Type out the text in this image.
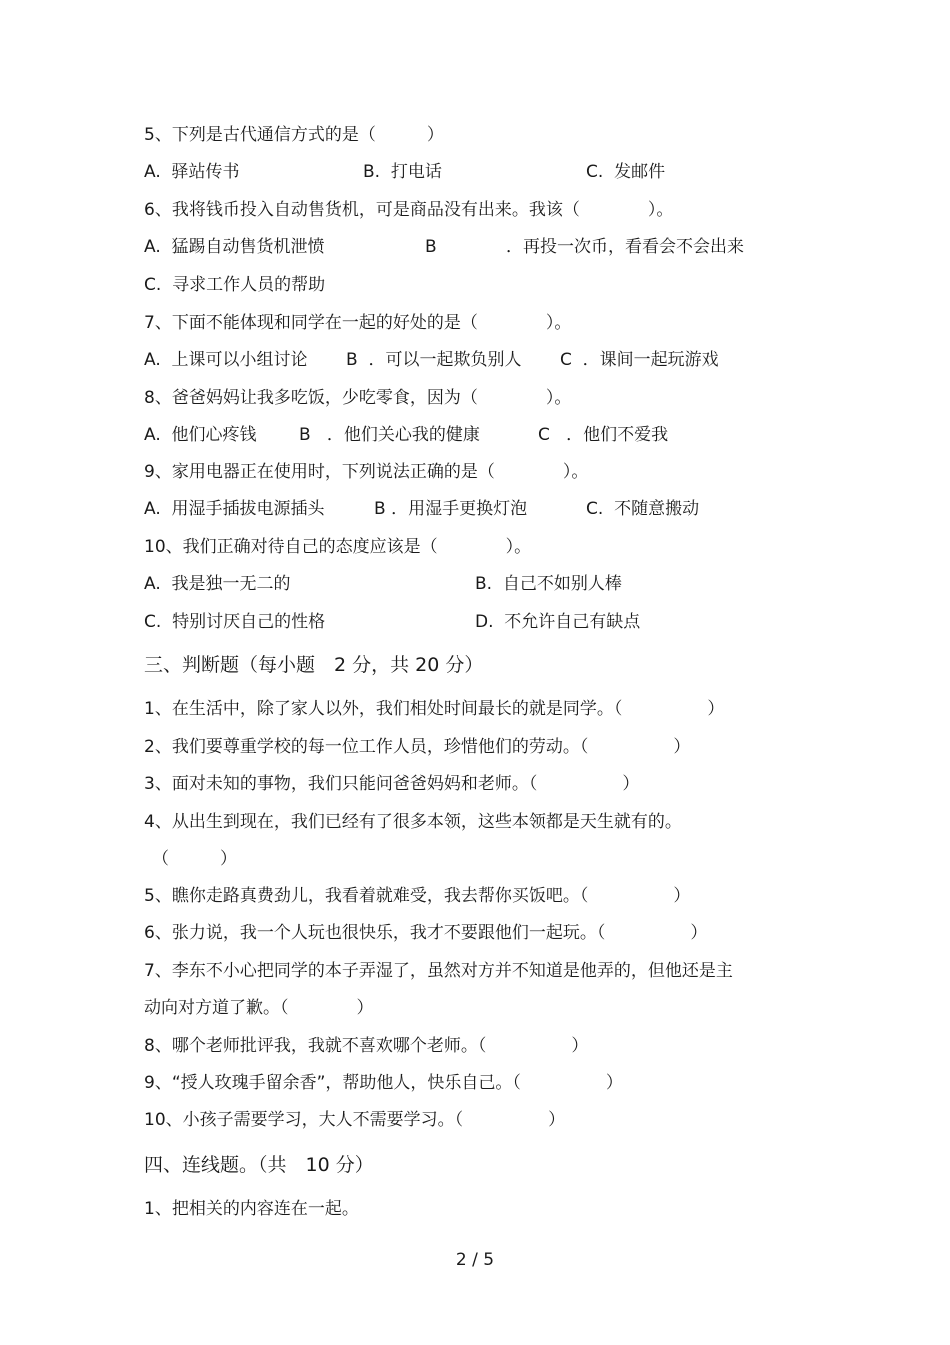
5、下列是古代通信方式的是（　　　）
A.  驿站传书	B.  打电话	C.  发邮件
6、我将钱币投入自动售货机，可是商品没有出来。我该（　　　　）。
A.  猛踢自动售货机泄愤	B	．再投一次币，看看会不会出来
C.  寻求工作人员的帮助
7、下面不能体现和同学在一起的好处的是（　　　　）。
A.  上课可以小组讨论 B  ．可以一起欺负别人 C  ．课间一起玩游戏
8、爸爸妈妈让我多吃饭，少吃零食，因为（　　　　）。
A.  他们心疼钱 B   ．他们关心我的健康	C   ．他们不爱我
9、家用电器正在使用时，下列说法正确的是（　　　　）。
A.  用湿手插拔电源插头	B ．用湿手更换灯泡	C.  不随意搬动
10、我们正确对待自己的态度应该是（　　　　）。
A.  我是独一无二的	B.  自己不如别人棒
C.  特别讨厌自己的性格	D.  不允许自己有缺点
三、判断题（每小题　2 分，共 20 分）
1、在生活中，除了家人以外，我们相处时间最长的就是同学。（　　　　　）
2、我们要尊重学校的每一位工作人员，珍惜他们的劳动。（　　　　　）
3、面对未知的事物，我们只能问爸爸妈妈和老师。（　　　　　）
4、从出生到现在，我们已经有了很多本领，这些本领都是天生就有的。
（　　　）
5、瞧你走路真费劲儿，我看着就难受，我去帮你买饭吧。（　　　　　）
6、张力说，我一个人玩也很快乐，我才不要跟他们一起玩。（　　　　　）
7、李东不小心把同学的本子弄湿了，虽然对方并不知道是他弄的，但他还是主
动向对方道了歉。（　　　　）
8、哪个老师批评我，我就不喜欢哪个老师。（　　　　　）
9、“授人玫瑰手留余香”，帮助他人，快乐自己。（　　　　　）
10、小孩子需要学习，大人不需要学习。（　　　　　）
四、连线题。（共　10 分）
1、把相关的内容连在一起。
2 / 5
